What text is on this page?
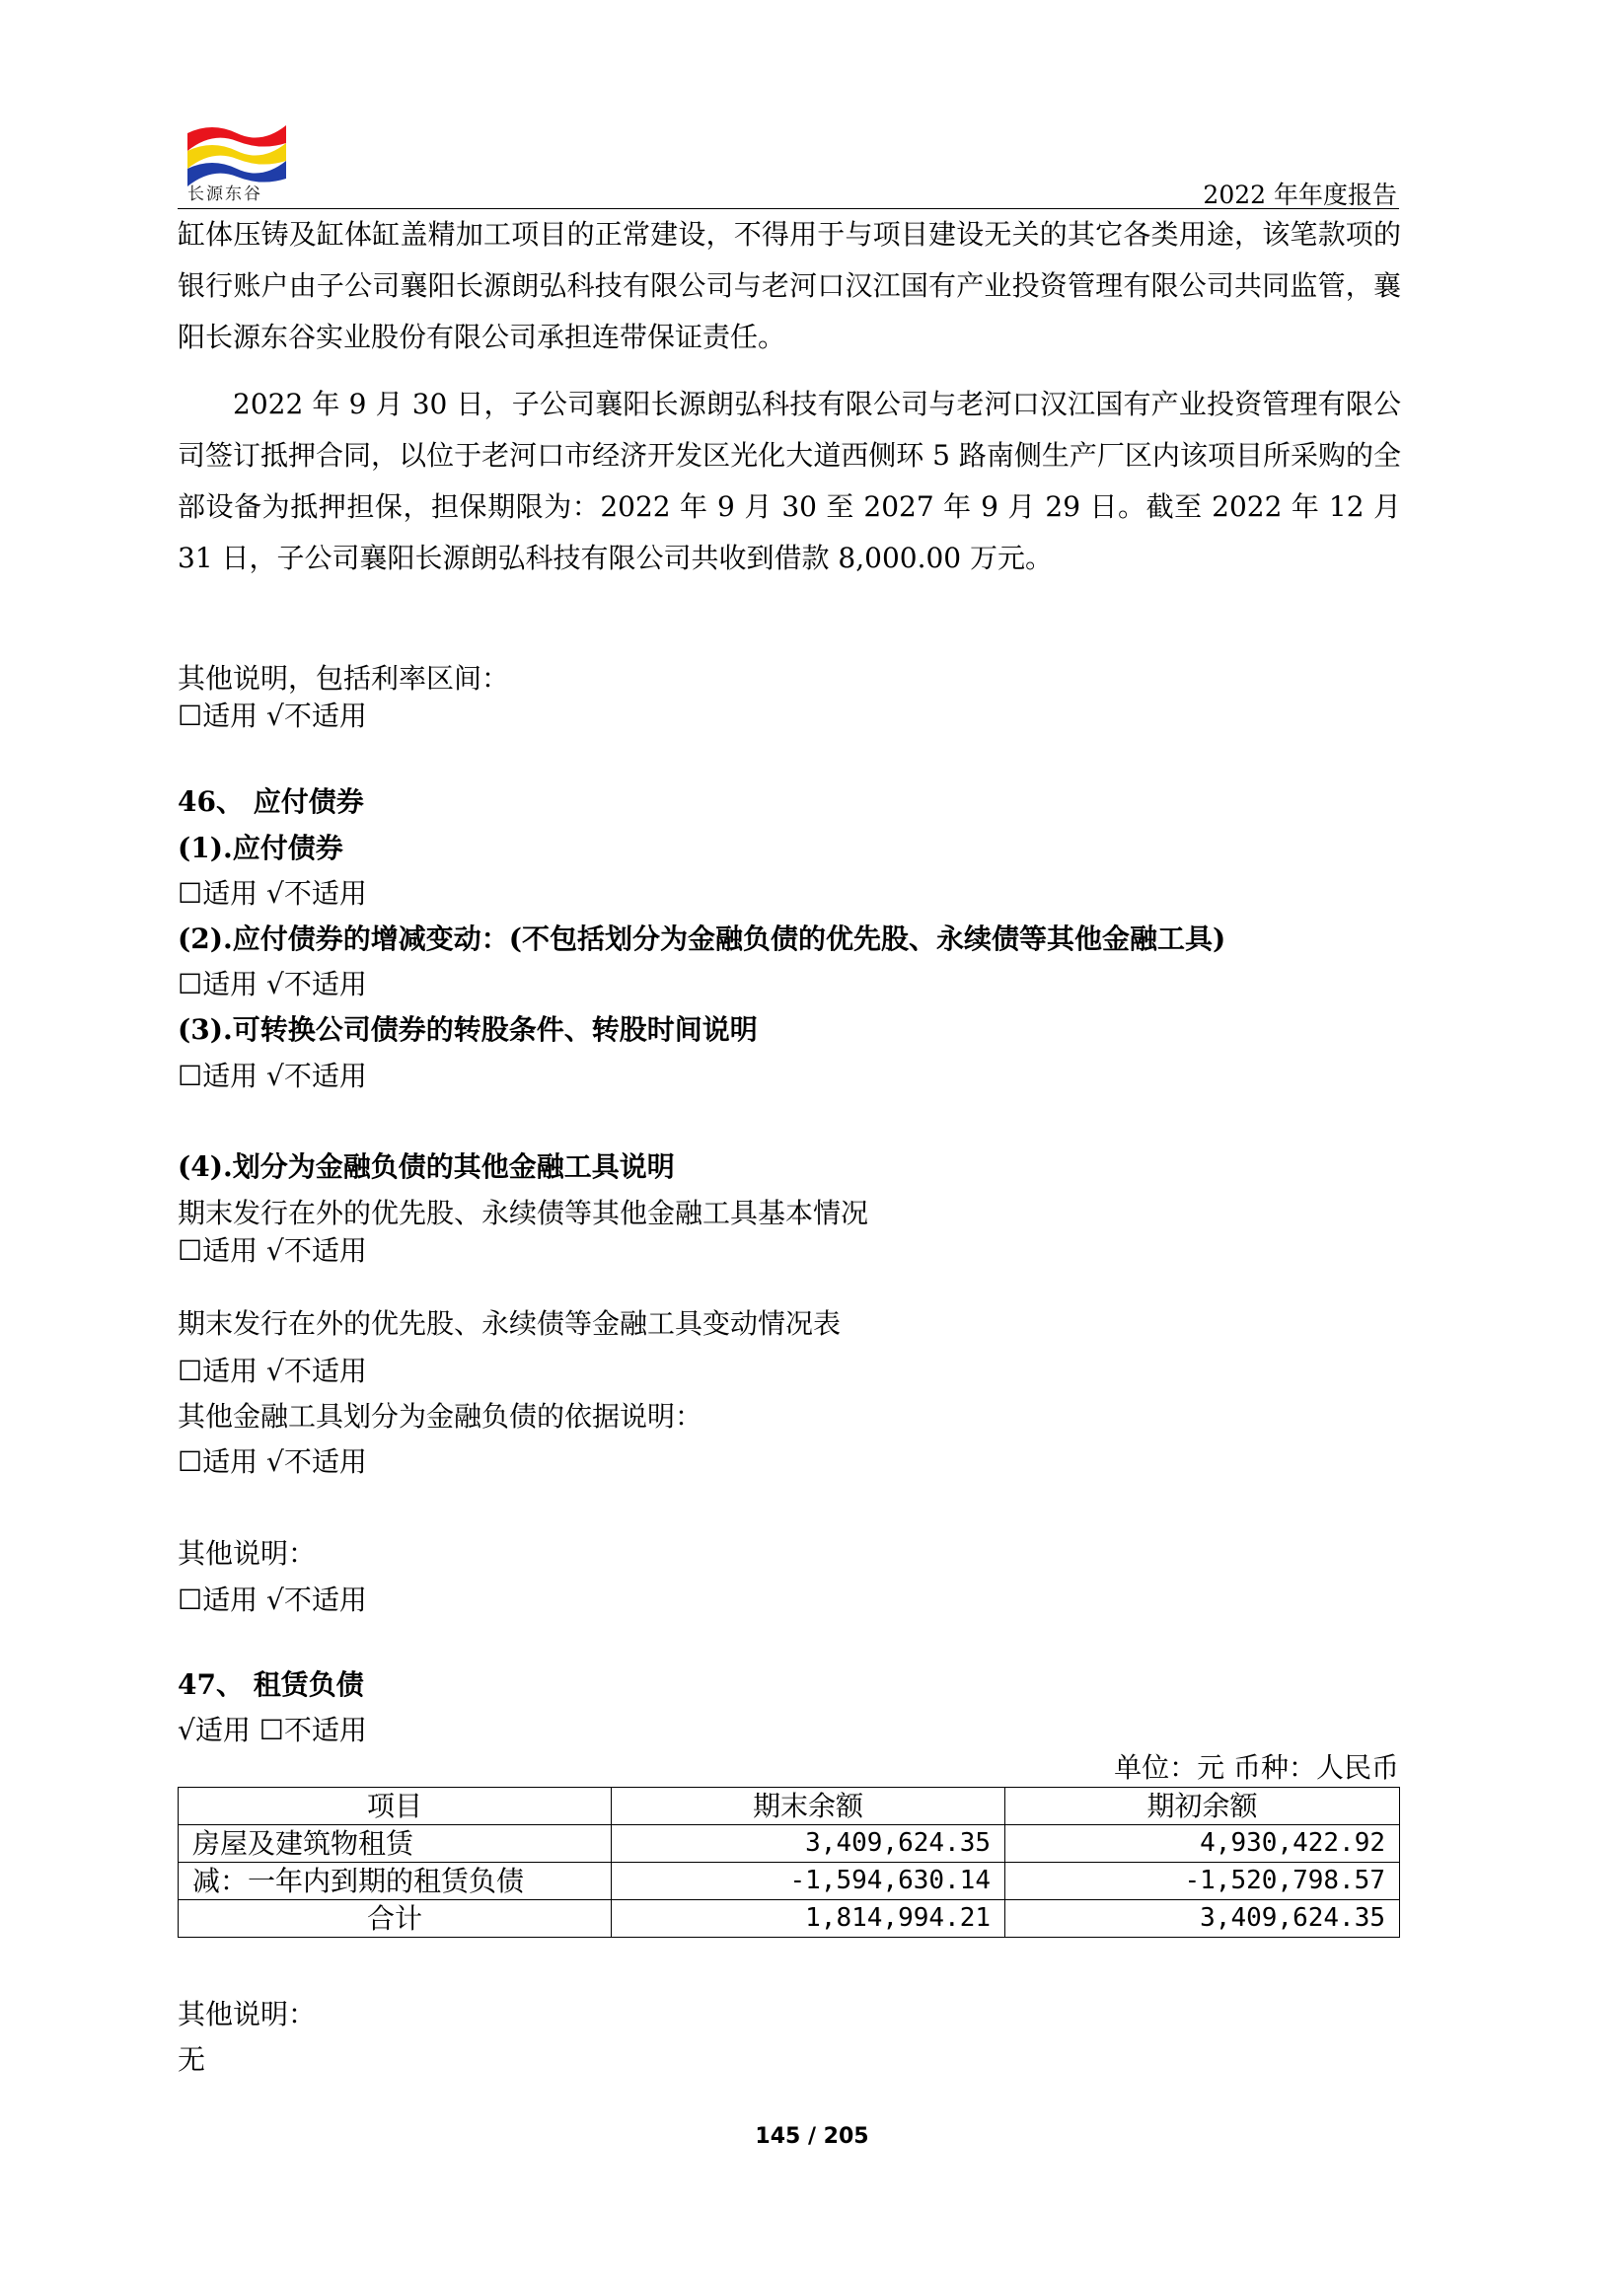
长源东谷	2022 年年度报告
缸体压铸及缸体缸盖精加工项目的正常建设，不得用于与项目建设无关的其它各类用途，该笔款项的银行账户由子公司襄阳长源朗弘科技有限公司与老河口汉江国有产业投资管理有限公司共同监管，襄阳长源东谷实业股份有限公司承担连带保证责任。
2022 年 9 月 30 日，子公司襄阳长源朗弘科技有限公司与老河口汉江国有产业投资管理有限公司签订抵押合同，以位于老河口市经济开发区光化大道西侧环 5 路南侧生产厂区内该项目所采购的全部设备为抵押担保，担保期限为：2022 年 9 月 30 至 2027 年 9 月 29 日。截至 2022 年 12 月 31 日，子公司襄阳长源朗弘科技有限公司共收到借款 8,000.00 万元。
其他说明，包括利率区间：
☐适用 √不适用
46、 应付债券
(1).应付债券
☐适用 √不适用
(2).应付债券的增减变动：(不包括划分为金融负债的优先股、永续债等其他金融工具)
☐适用 √不适用
(3).可转换公司债券的转股条件、转股时间说明
☐适用 √不适用
(4).划分为金融负债的其他金融工具说明
期末发行在外的优先股、永续债等其他金融工具基本情况
☐适用 √不适用
期末发行在外的优先股、永续债等金融工具变动情况表
☐适用 √不适用
其他金融工具划分为金融负债的依据说明：
☐适用 √不适用
其他说明：
☐适用 √不适用
47、 租赁负债
√适用 ☐不适用
单位：元 币种：人民币
项目	期末余额	期初余额
房屋及建筑物租赁	3,409,624.35	4,930,422.92
减：一年内到期的租赁负债	-1,594,630.14	-1,520,798.57
合计	1,814,994.21	3,409,624.35
其他说明：
无
145 / 205
